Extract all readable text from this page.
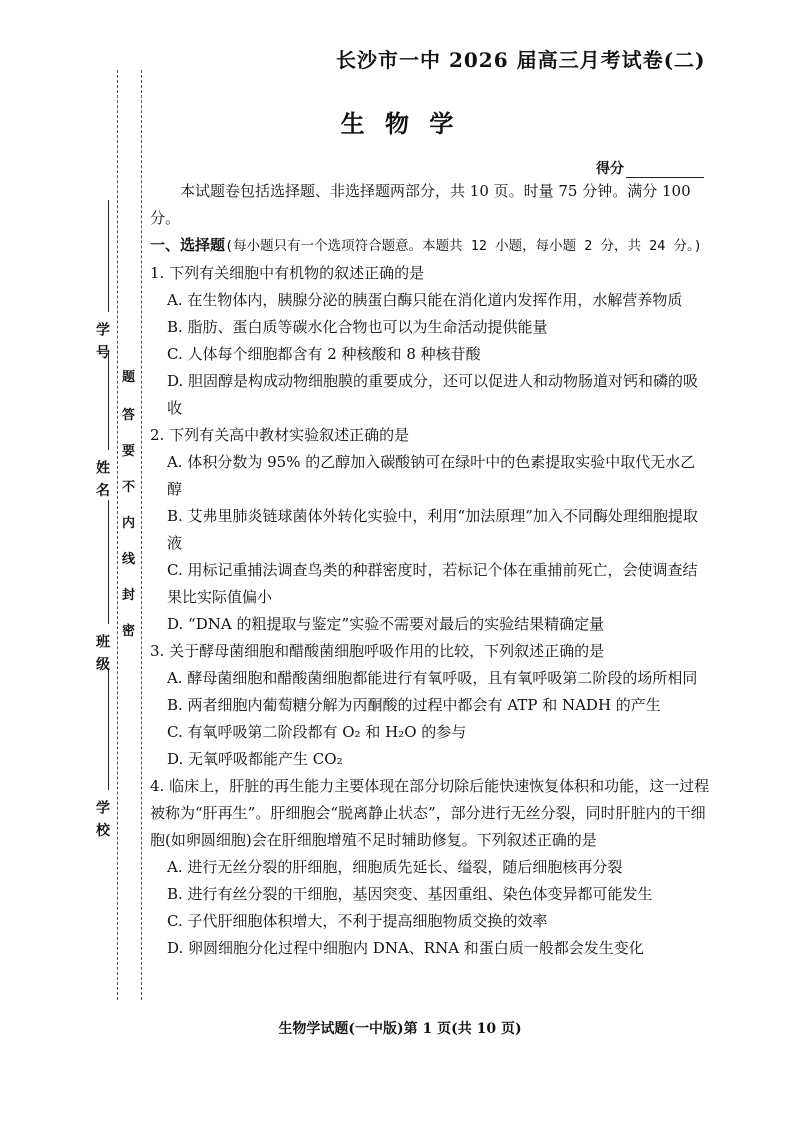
学 号
姓 名
班 级
学 校
密
封
线
内
不
要
答
题
长沙市一中 2026 届高三月考试卷(二)
生 物 学
得分

本试题卷包括选择题、非选择题两部分，共 10 页。时量 75 分钟。满分 100 分。

一、选择题(每小题只有一个选项符合题意。本题共 12 小题，每小题 2 分，共 24 分。)

1. 下列有关细胞中有机物的叙述正确的是

A. 在生物体内，胰腺分泌的胰蛋白酶只能在消化道内发挥作用，水解营养物质

B. 脂肪、蛋白质等碳水化合物也可以为生命活动提供能量

C. 人体每个细胞都含有 2 种核酸和 8 种核苷酸

D. 胆固醇是构成动物细胞膜的重要成分，还可以促进人和动物肠道对钙和磷的吸收

2. 下列有关高中教材实验叙述正确的是

A. 体积分数为 95% 的乙醇加入碳酸钠可在绿叶中的色素提取实验中取代无水乙醇

B. 艾弗里肺炎链球菌体外转化实验中，利用“加法原理”加入不同酶处理细胞提取液

C. 用标记重捕法调查鸟类的种群密度时，若标记个体在重捕前死亡，会使调查结果比实际值偏小

D. “DNA 的粗提取与鉴定”实验不需要对最后的实验结果精确定量

3. 关于酵母菌细胞和醋酸菌细胞呼吸作用的比较，下列叙述正确的是

A. 酵母菌细胞和醋酸菌细胞都能进行有氧呼吸，且有氧呼吸第二阶段的场所相同

B. 两者细胞内葡萄糖分解为丙酮酸的过程中都会有 ATP 和 NADH 的产生

C. 有氧呼吸第二阶段都有 O₂ 和 H₂O 的参与

D. 无氧呼吸都能产生 CO₂

4. 临床上，肝脏的再生能力主要体现在部分切除后能快速恢复体积和功能，这一过程被称为“肝再生”。肝细胞会“脱离静止状态”，部分进行无丝分裂，同时肝脏内的干细胞(如卵圆细胞)会在肝细胞增殖不足时辅助修复。下列叙述正确的是

A. 进行无丝分裂的肝细胞，细胞质先延长、缢裂，随后细胞核再分裂

B. 进行有丝分裂的干细胞，基因突变、基因重组、染色体变异都可能发生

C. 子代肝细胞体积增大，不利于提高细胞物质交换的效率

D. 卵圆细胞分化过程中细胞内 DNA、RNA 和蛋白质一般都会发生变化

生物学试题(一中版)第 1 页(共 10 页)
